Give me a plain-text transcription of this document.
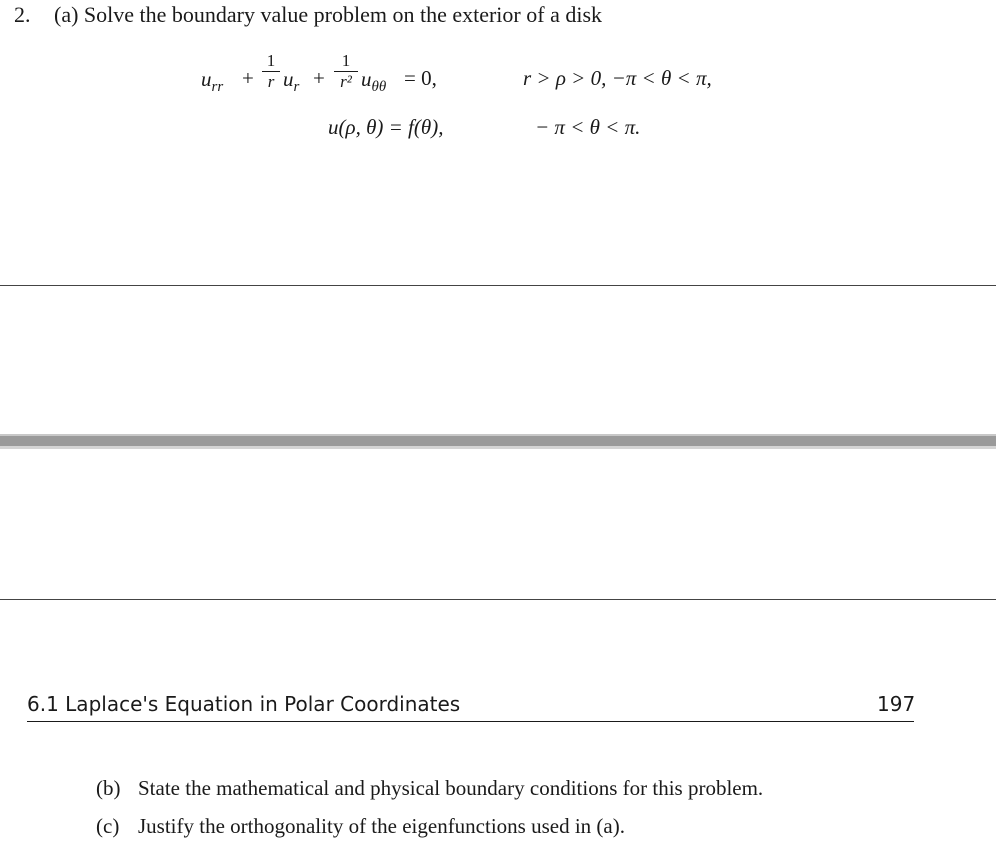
2. (a) Solve the boundary value problem on the exterior of a disk
$u_{rr}$ +
1
r $u_r$ +
1
r² $u_{\theta\theta} = 0$,	r > ρ > 0, −π < θ < π,
u(ρ, θ) = f(θ),	− π < θ < π.
6.1 Laplace's Equation in Polar Coordinates	197
(b) State the mathematical and physical boundary conditions for this problem.
(c) Justify the orthogonality of the eigenfunctions used in (a).
